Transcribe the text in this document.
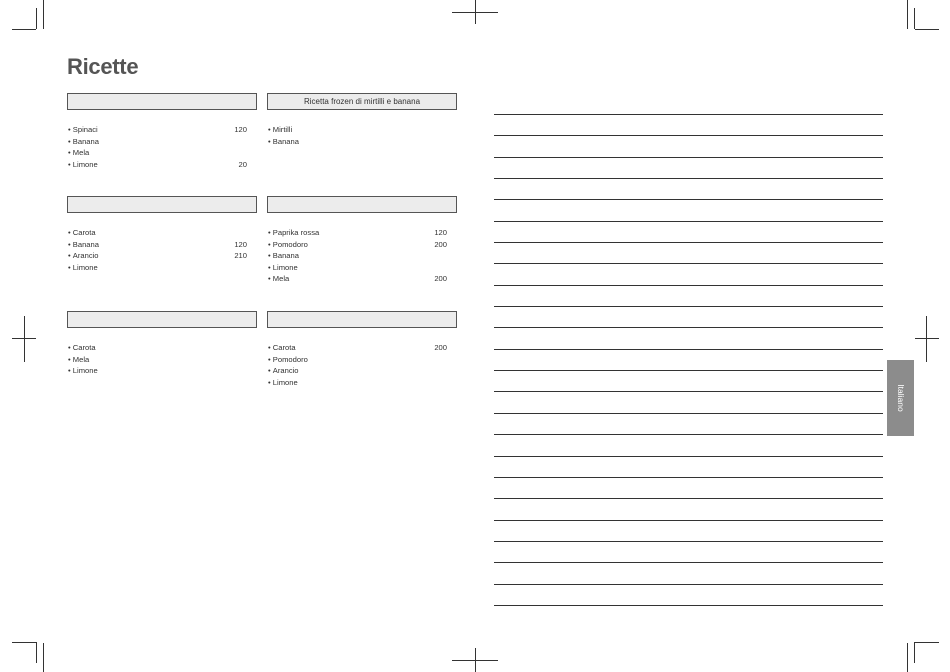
Ricette
• Spinaci	120
• Banana
• Mela
• Limone	20
Ricetta frozen di mirtilli e banana
• Mirtilli
• Banana
• Carota
• Banana	120
• Arancio	210
• Limone
• Paprika rossa	120
• Pomodoro	200
• Banana
• Limone
• Mela	200
• Carota
• Mela
• Limone
• Carota	200
• Pomodoro
• Arancio
• Limone
Italiano
